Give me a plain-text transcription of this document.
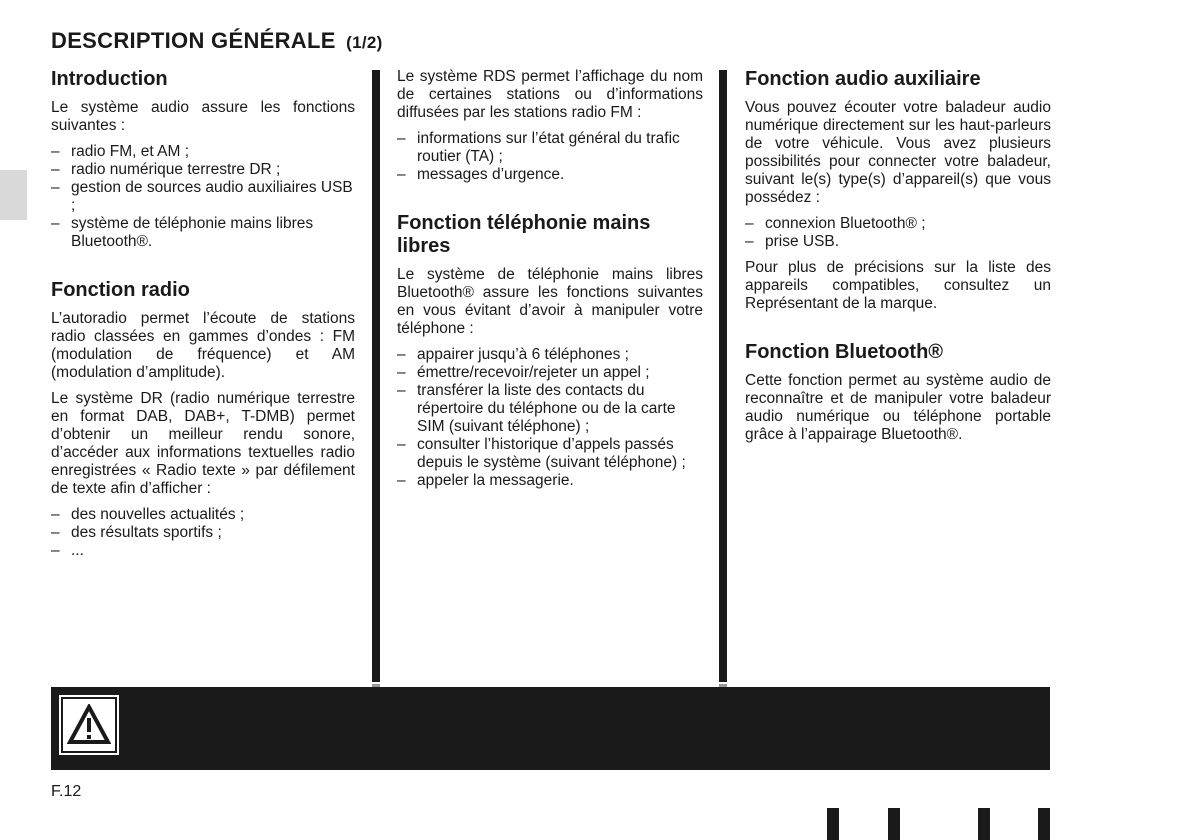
DESCRIPTION GÉNÉRALE (1/2)
Introduction

Le système audio assure les fonctions suivantes :

– radio FM, et AM ;
– radio numérique terrestre DR ;
– gestion de sources audio auxiliaires USB ;
– système de téléphonie mains libres Bluetooth®.
Fonction radio

L’autoradio permet l’écoute de stations radio classées en gammes d’ondes : FM (modulation de fréquence) et AM (modulation d’amplitude).

Le système DR (radio numérique terrestre en format DAB, DAB+, T-DMB) permet d’obtenir un meilleur rendu sonore, d’accéder aux informations textuelles radio enregistrées « Radio texte » par défilement de texte afin d’afficher :

– des nouvelles actualités ;
– des résultats sportifs ;
– ...

Le système RDS permet l’affichage du nom de certaines stations ou d’informations diffusées par les stations radio FM :

– informations sur l’état général du trafic routier (TA) ;
– messages d’urgence.
Fonction téléphonie mains libres

Le système de téléphonie mains libres Bluetooth® assure les fonctions suivantes en vous évitant d’avoir à manipuler votre téléphone :

– appairer jusqu’à 6 téléphones ;
– émettre/recevoir/rejeter un appel ;
– transférer la liste des contacts du répertoire du téléphone ou de la carte SIM (suivant téléphone) ;
– consulter l’historique d’appels passés depuis le système (suivant téléphone) ;
– appeler la messagerie.
Fonction audio auxiliaire

Vous pouvez écouter votre baladeur audio numérique directement sur les haut-parleurs de votre véhicule. Vous avez plusieurs possibilités pour connecter votre baladeur, suivant le(s) type(s) d’appareil(s) que vous possédez :

– connexion Bluetooth® ;
– prise USB.

Pour plus de précisions sur la liste des appareils compatibles, consultez un Représentant de la marque.

Fonction Bluetooth®

Cette fonction permet au système audio de reconnaître et de manipuler votre baladeur audio numérique ou téléphone portable grâce à l’appairage Bluetooth®.

F.12
